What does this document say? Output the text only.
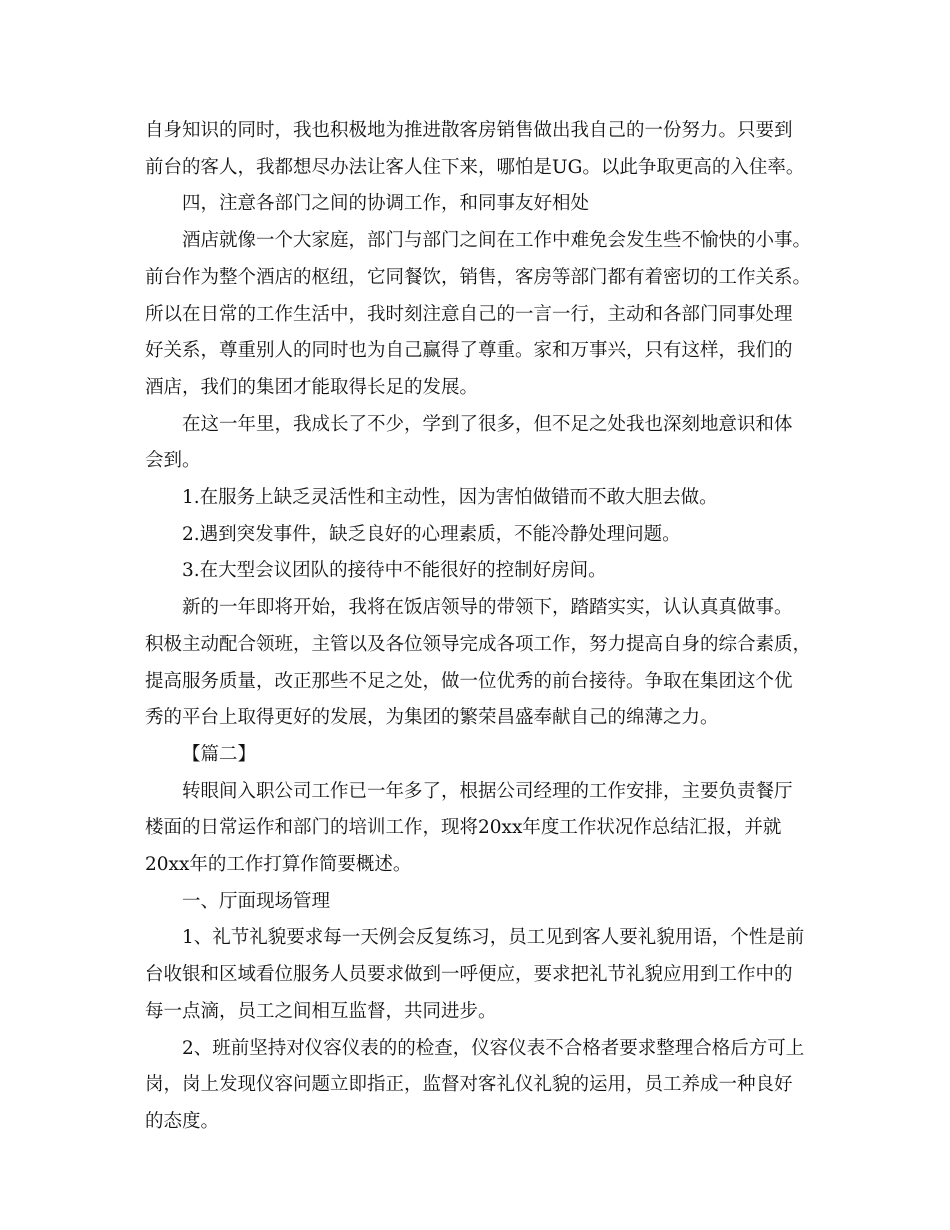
自身知识的同时，我也积极地为推进散客房销售做出我自己的一份努力。只要到
前台的客人，我都想尽办法让客人住下来，哪怕是UG。以此争取更高的入住率。
四，注意各部门之间的协调工作，和同事友好相处
酒店就像一个大家庭，部门与部门之间在工作中难免会发生些不愉快的小事。
前台作为整个酒店的枢纽，它同餐饮，销售，客房等部门都有着密切的工作关系。
所以在日常的工作生活中，我时刻注意自己的一言一行，主动和各部门同事处理
好关系，尊重别人的同时也为自己赢得了尊重。家和万事兴，只有这样，我们的
酒店，我们的集团才能取得长足的发展。
在这一年里，我成长了不少，学到了很多，但不足之处我也深刻地意识和体
会到。
1.在服务上缺乏灵活性和主动性，因为害怕做错而不敢大胆去做。
2.遇到突发事件，缺乏良好的心理素质，不能冷静处理问题。
3.在大型会议团队的接待中不能很好的控制好房间。
新的一年即将开始，我将在饭店领导的带领下，踏踏实实，认认真真做事。
积极主动配合领班，主管以及各位领导完成各项工作，努力提高自身的综合素质，
提高服务质量，改正那些不足之处，做一位优秀的前台接待。争取在集团这个优
秀的平台上取得更好的发展，为集团的繁荣昌盛奉献自己的绵薄之力。
【篇二】
转眼间入职公司工作已一年多了，根据公司经理的工作安排，主要负责餐厅
楼面的日常运作和部门的培训工作，现将20xx年度工作状况作总结汇报，并就
20xx年的工作打算作简要概述。
一、厅面现场管理
1、礼节礼貌要求每一天例会反复练习，员工见到客人要礼貌用语，个性是前
台收银和区域看位服务人员要求做到一呼便应，要求把礼节礼貌应用到工作中的
每一点滴，员工之间相互监督，共同进步。
2、班前坚持对仪容仪表的的检查，仪容仪表不合格者要求整理合格后方可上
岗，岗上发现仪容问题立即指正，监督对客礼仪礼貌的运用，员工养成一种良好
的态度。
